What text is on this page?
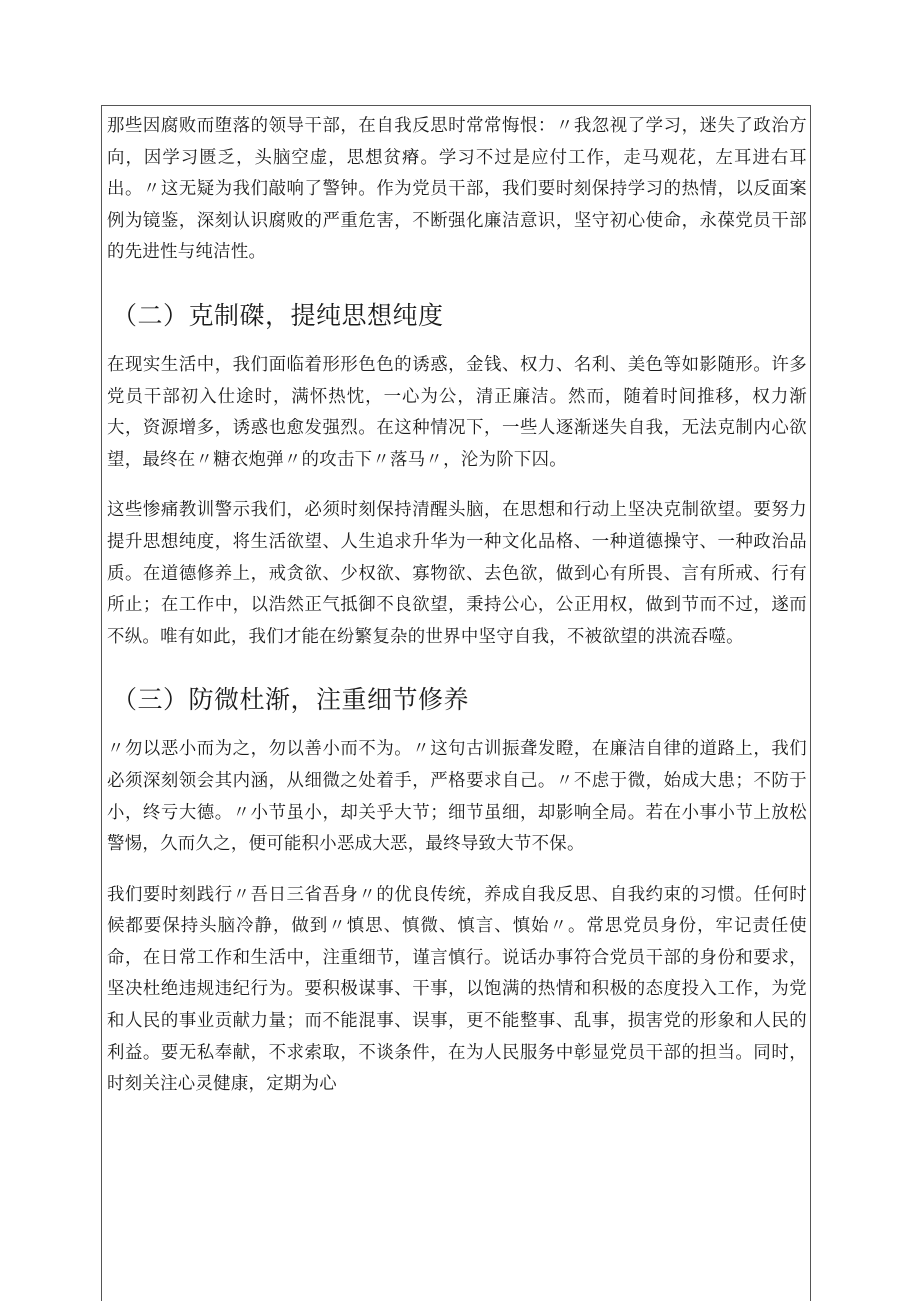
那些因腐败而堕落的领导干部，在自我反思时常常悔恨：〃我忽视了学习，迷失了政治方向，因学习匮乏，头脑空虚，思想贫瘠。学习不过是应付工作，走马观花，左耳进右耳出。〃这无疑为我们敲响了警钟。作为党员干部，我们要时刻保持学习的热情，以反面案例为镜鉴，深刻认识腐败的严重危害，不断强化廉洁意识，坚守初心使命，永葆党员干部的先进性与纯洁性。

（二）克制磔，提纯思想纯度

在现实生活中，我们面临着形形色色的诱惑，金钱、权力、名利、美色等如影随形。许多党员干部初入仕途时，满怀热忱，一心为公，清正廉洁。然而，随着时间推移，权力渐大，资源增多，诱惑也愈发强烈。在这种情况下，一些人逐渐迷失自我，无法克制内心欲望，最终在〃糖衣炮弹〃的攻击下〃落马〃，沦为阶下囚。

这些惨痛教训警示我们，必须时刻保持清醒头脑，在思想和行动上坚决克制欲望。要努力提升思想纯度，将生活欲望、人生追求升华为一种文化品格、一种道德操守、一种政治品质。在道德修养上，戒贪欲、少权欲、寡物欲、去色欲，做到心有所畏、言有所戒、行有所止；在工作中，以浩然正气抵御不良欲望，秉持公心，公正用权，做到节而不过，遂而不纵。唯有如此，我们才能在纷繁复杂的世界中坚守自我，不被欲望的洪流吞噬。

（三）防微杜渐，注重细节修养

〃勿以恶小而为之，勿以善小而不为。〃这句古训振聋发瞪，在廉洁自律的道路上，我们必须深刻领会其内涵，从细微之处着手，严格要求自己。〃不虑于微，始成大患；不防于小，终亏大德。〃小节虽小，却关乎大节；细节虽细，却影响全局。若在小事小节上放松警惕，久而久之，便可能积小恶成大恶，最终导致大节不保。

我们要时刻践行〃吾日三省吾身〃的优良传统，养成自我反思、自我约束的习惯。任何时候都要保持头脑冷静，做到〃慎思、慎微、慎言、慎始〃。常思党员身份，牢记责任使命，在日常工作和生活中，注重细节，谨言慎行。说话办事符合党员干部的身份和要求，坚决杜绝违规违纪行为。要积极谋事、干事，以饱满的热情和积极的态度投入工作，为党和人民的事业贡献力量；而不能混事、误事，更不能整事、乱事，损害党的形象和人民的利益。要无私奉献，不求索取，不谈条件，在为人民服务中彰显党员干部的担当。同时，时刻关注心灵健康，定期为心
